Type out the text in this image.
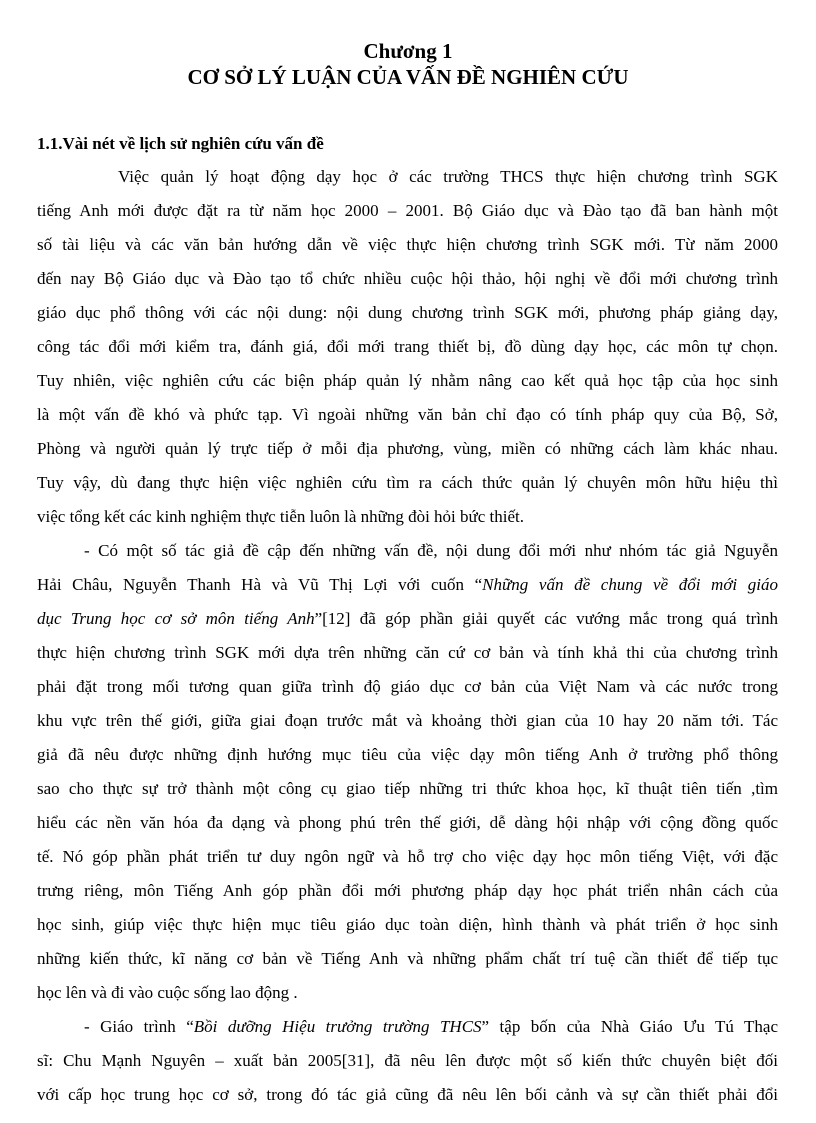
Chương 1
CƠ SỞ LÝ LUẬN CỦA VẤN ĐỀ NGHIÊN CỨU
1.1.Vài nét về lịch sử nghiên cứu vấn đề
Việc quản lý hoạt động dạy học ở các trường THCS thực hiện chương trình SGK
tiếng Anh mới được đặt ra từ năm học 2000 – 2001. Bộ Giáo dục và Đào tạo đã ban hành một
số tài liệu và các văn bản hướng dẫn về việc thực hiện chương trình SGK mới. Từ năm 2000
đến nay Bộ Giáo dục và Đào tạo tổ chức nhiều cuộc hội thảo, hội nghị về đổi mới chương trình
giáo dục phổ thông với các nội dung: nội dung chương trình SGK mới, phương pháp giảng dạy,
công tác đổi mới kiểm tra, đánh giá, đổi mới trang thiết bị, đồ dùng dạy học, các môn tự chọn.
Tuy nhiên, việc nghiên cứu các biện pháp quản lý nhằm nâng cao kết quả học tập của học sinh
là một vấn đề khó và phức tạp. Vì ngoài những văn bản chỉ đạo có tính pháp quy của Bộ, Sở,
Phòng và người quản lý trực tiếp ở mỗi địa phương, vùng, miền có những cách làm khác nhau.
Tuy vậy, dù đang thực hiện việc nghiên cứu tìm ra cách thức quản lý chuyên môn hữu hiệu thì
việc tổng kết các kinh nghiệm thực tiễn luôn là những đòi hỏi bức thiết.
- Có một số tác giả đề cập đến những vấn đề, nội dung đổi mới như nhóm tác giả Nguyễn
Hải Châu, Nguyễn Thanh Hà và Vũ Thị Lợi với cuốn “Những vấn đề chung về đổi mới giáo
dục Trung học cơ sở môn tiếng Anh”[12] đã góp phần giải quyết các vướng mắc trong quá trình
thực hiện chương trình SGK mới dựa trên những căn cứ cơ bản và tính khả thi của chương trình
phải đặt trong mối tương quan giữa trình độ giáo dục cơ bản của Việt Nam và các nước trong
khu vực trên thế giới, giữa giai đoạn trước mắt và khoảng thời gian của 10 hay 20 năm tới. Tác
giả đã nêu được những định hướng mục tiêu của việc dạy môn tiếng Anh ở trường phổ thông
sao cho thực sự trở thành một công cụ giao tiếp những tri thức khoa học, kĩ thuật tiên tiến ,tìm
hiểu các nền văn hóa đa dạng và phong phú trên thế giới, dễ dàng hội nhập với cộng đồng quốc
tế. Nó góp phần phát triển tư duy ngôn ngữ và hỗ trợ cho việc dạy học môn tiếng Việt, với đặc
trưng riêng, môn Tiếng Anh góp phần đổi mới phương pháp dạy học phát triển nhân cách của
học sinh, giúp việc thực hiện mục tiêu giáo dục toàn diện, hình thành và phát triển ở học sinh
những kiến thức, kĩ năng cơ bản về Tiếng Anh và những phẩm chất trí tuệ cần thiết để tiếp tục
học lên và đi vào cuộc sống lao động .
- Giáo trình “Bồi dưỡng Hiệu trưởng trường THCS” tập bốn của Nhà Giáo Ưu Tú Thạc
sĩ: Chu Mạnh Nguyên – xuất bản 2005[31], đã nêu lên được một số kiến thức chuyên biệt đối
với cấp học trung học cơ sở, trong đó tác giả cũng đã nêu lên bối cảnh và sự cần thiết phải đổi
